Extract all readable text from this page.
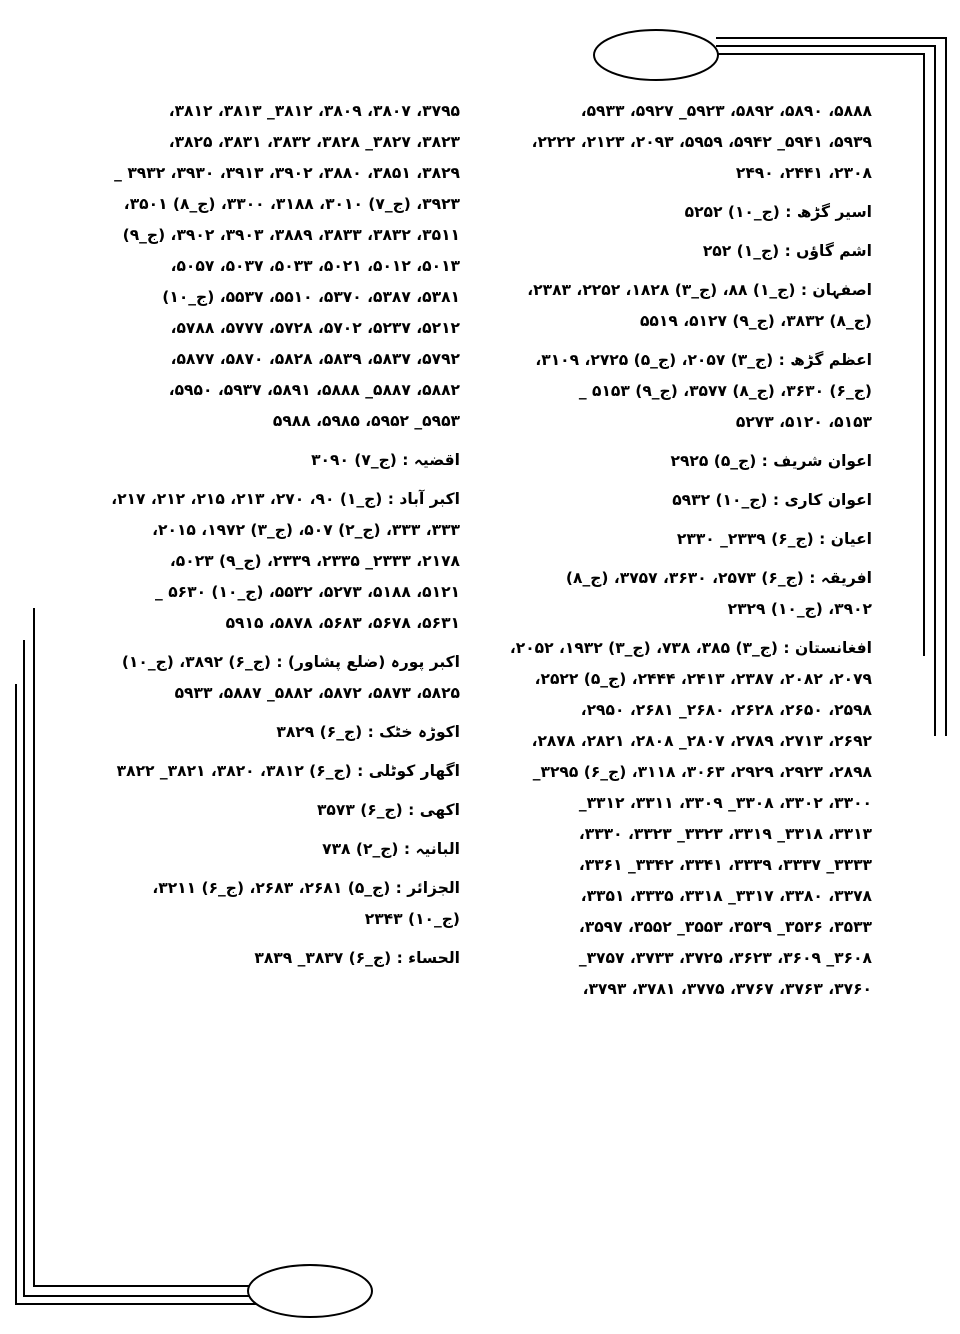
۵۸۸۸، ۵۸۹۰، ۵۸۹۲، ۵۹۲۳_ ۵۹۲۷، ۵۹۳۳،
۵۹۳۹، ۵۹۴۱_ ۵۹۴۲، ۵۹۵۹، ۲۰۹۳، ۲۱۲۳، ۲۲۲۲،
۲۳۰۸، ۲۴۴۱، ۲۴۹۰
اسیر گڑھ : (ج_۱۰) ۵۲۵۲
اشم گاؤں : (ج_۱) ۲۵۲
اصفہان : (ج_۱) ۸۸، (ج_۳) ۱۸۲۸، ۲۲۵۲، ۲۳۸۳،
(ج_۸) ۳۸۳۲، (ج_۹) ۵۱۲۷، ۵۵۱۹
اعظم گڑھ : (ج_۳) ۲۰۵۷، (ج_۵) ۲۷۲۵، ۳۱۰۹،
(ج_۶) ۳۶۳۰، (ج_۸) ۳۵۷۷، (ج_۹) ۵۱۵۳ _
۵۱۵۳، ۵۱۲۰، ۵۲۷۳
اعوان شریف : (ج_۵) ۲۹۲۵
اعوان کاری : (ج_۱۰) ۵۹۳۲
اعیان : (ج_۶) ۲۳۳۹_ ۲۳۳۰
افریقہ : (ج_۶) ۲۵۷۳، ۳۶۳۰، ۳۷۵۷، (ج_۸)
۳۹۰۲، (ج_۱۰) ۲۳۲۹
افغانستان : (ج_۳) ۳۸۵، ۷۳۸، (ج_۳) ۱۹۳۲، ۲۰۵۲،
۲۰۷۹، ۲۰۸۲، ۲۳۸۷، ۲۴۱۳، ۲۴۴۴، (ج_۵) ۲۵۲۲،
۲۵۹۸، ۲۶۵۰، ۲۶۲۸، ۲۶۸۰_ ۲۶۸۱، ۲۹۵۰،
۲۶۹۲، ۲۷۱۳، ۲۷۸۹، ۲۸۰۷_ ۲۸۰۸، ۲۸۲۱، ۲۸۷۸،
۲۸۹۸، ۲۹۲۳، ۲۹۲۹، ۳۰۶۳، ۳۱۱۸، (ج_۶) ۳۲۹۵_
۳۳۰۰، ۳۳۰۲، ۳۳۰۸_ ۳۳۰۹، ۳۳۱۱، ۳۳۱۲_
۳۳۱۳، ۳۳۱۸_ ۳۳۱۹، ۳۳۲۳_ ۳۳۲۳، ۳۳۳۰،
۳۳۳۳_ ۳۳۳۷، ۳۳۳۹، ۳۳۴۱، ۳۳۴۲_ ۳۳۶۱،
۳۳۷۸، ۳۳۸۰، ۳۳۱۷_ ۳۳۱۸، ۳۳۳۵، ۳۳۵۱،
۳۵۳۳، ۳۵۳۶_ ۳۵۳۹، ۳۵۵۳_ ۳۵۵۲، ۳۵۹۷،
۳۶۰۸_ ۳۶۰۹، ۳۶۲۳، ۳۷۲۵، ۳۷۳۳، ۳۷۵۷_
۳۷۶۰، ۳۷۶۳، ۳۷۶۷، ۳۷۷۵، ۳۷۸۱، ۳۷۹۳،
۳۷۹۵، ۳۸۰۷، ۳۸۰۹، ۳۸۱۲_ ۳۸۱۳، ۳۸۱۲،
۳۸۲۳، ۳۸۲۷_ ۳۸۲۸، ۳۸۳۲، ۳۸۳۱، ۳۸۲۵،
۳۸۲۹، ۳۸۵۱، ۳۸۸۰، ۳۹۰۲، ۳۹۱۳، ۳۹۳۰، ۳۹۳۲ _
۳۹۲۳، (ج_۷) ۳۰۱۰، ۳۱۸۸، ۳۳۰۰، (ج_۸) ۳۵۰۱،
۳۵۱۱، ۳۸۳۲، ۳۸۳۳، ۳۸۸۹، ۳۹۰۳، ۳۹۰۲، (ج_۹)
۵۰۱۳، ۵۰۱۲، ۵۰۲۱، ۵۰۳۳، ۵۰۳۷، ۵۰۵۷،
۵۳۸۱، ۵۳۸۷، ۵۳۷۰، ۵۵۱۰، ۵۵۳۷، (ج_۱۰)
۵۲۱۲، ۵۲۳۷، ۵۷۰۲، ۵۷۲۸، ۵۷۷۷، ۵۷۸۸،
۵۷۹۲، ۵۸۳۷، ۵۸۳۹، ۵۸۲۸، ۵۸۷۰، ۵۸۷۷،
۵۸۸۲، ۵۸۸۷_ ۵۸۸۸، ۵۸۹۱، ۵۹۳۷، ۵۹۵۰،
۵۹۵۳_ ۵۹۵۲، ۵۹۸۵، ۵۹۸۸
اقضیہ : (ج_۷) ۳۰۹۰
اکبر آباد : (ج_۱) ۹۰، ۲۷۰، ۲۱۳، ۲۱۵، ۲۱۲، ۲۱۷،
۳۳۳، ۳۳۳، (ج_۲) ۵۰۷، (ج_۳) ۱۹۷۲، ۲۰۱۵،
۲۱۷۸، ۲۳۳۳_ ۲۳۳۵، ۲۳۳۹، (ج_۹) ۵۰۲۳،
۵۱۲۱، ۵۱۸۸، ۵۲۷۳، ۵۵۳۲، (ج_۱۰) ۵۶۳۰ _
۵۶۳۱، ۵۶۷۸، ۵۶۸۳، ۵۸۷۸، ۵۹۱۵
اکبر پورہ (ضلع پشاور) : (ج_۶) ۳۸۹۲، (ج_۱۰)
۵۸۲۵، ۵۸۷۳، ۵۸۷۲، ۵۸۸۲_ ۵۸۸۷، ۵۹۳۳
اکوڑہ خٹک : (ج_۶) ۳۸۲۹
اگھار کوٹلی : (ج_۶) ۳۸۱۲، ۳۸۲۰، ۳۸۲۱_ ۳۸۲۲
اکھی : (ج_۶) ۳۵۷۳
البانیہ : (ج_۲) ۷۳۸
الجزائر : (ج_۵) ۲۶۸۱، ۲۶۸۳، (ج_۶) ۳۲۱۱،
(ج_۱۰) ۲۳۴۳
الحساء : (ج_۶) ۳۸۳۷_ ۳۸۳۹
